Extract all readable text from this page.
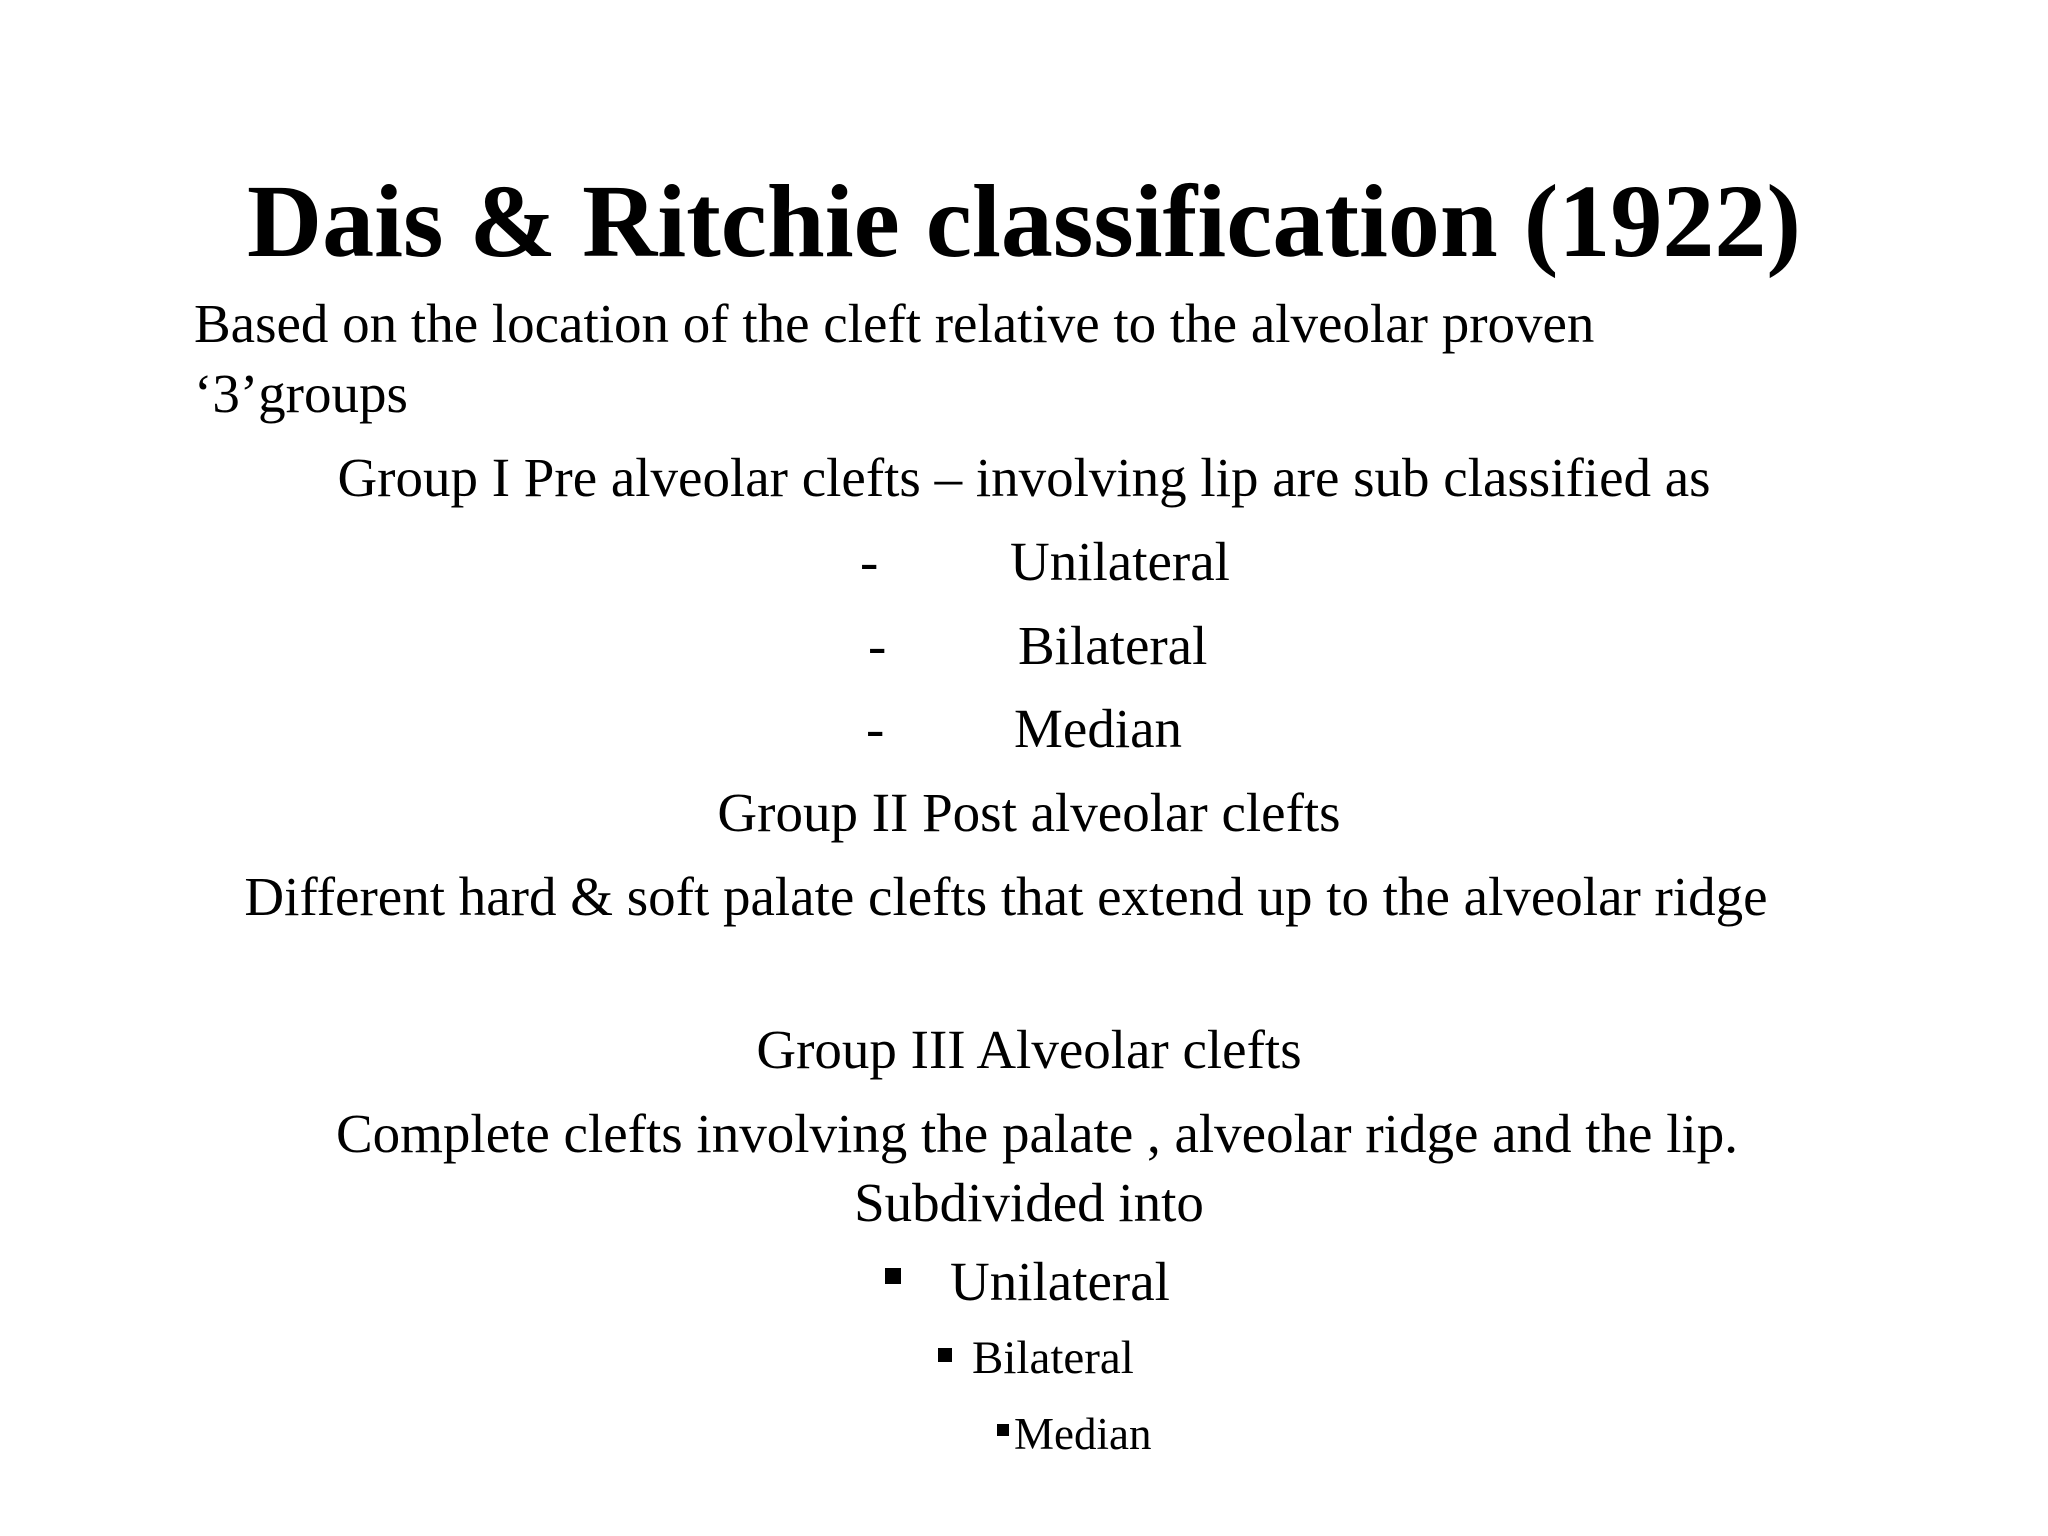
Dais & Ritchie classification (1922)
Based on the location of the cleft relative to the alveolar proven
‘3’groups
Group I Pre alveolar clefts – involving lip are sub classified as
- Unilateral
- Bilateral
- Median
Group II Post alveolar clefts
Different hard & soft palate clefts that extend up to the alveolar ridge
Group III Alveolar clefts
Complete clefts involving the palate , alveolar ridge and the lip.
Subdivided into
Unilateral
Bilateral
Median
